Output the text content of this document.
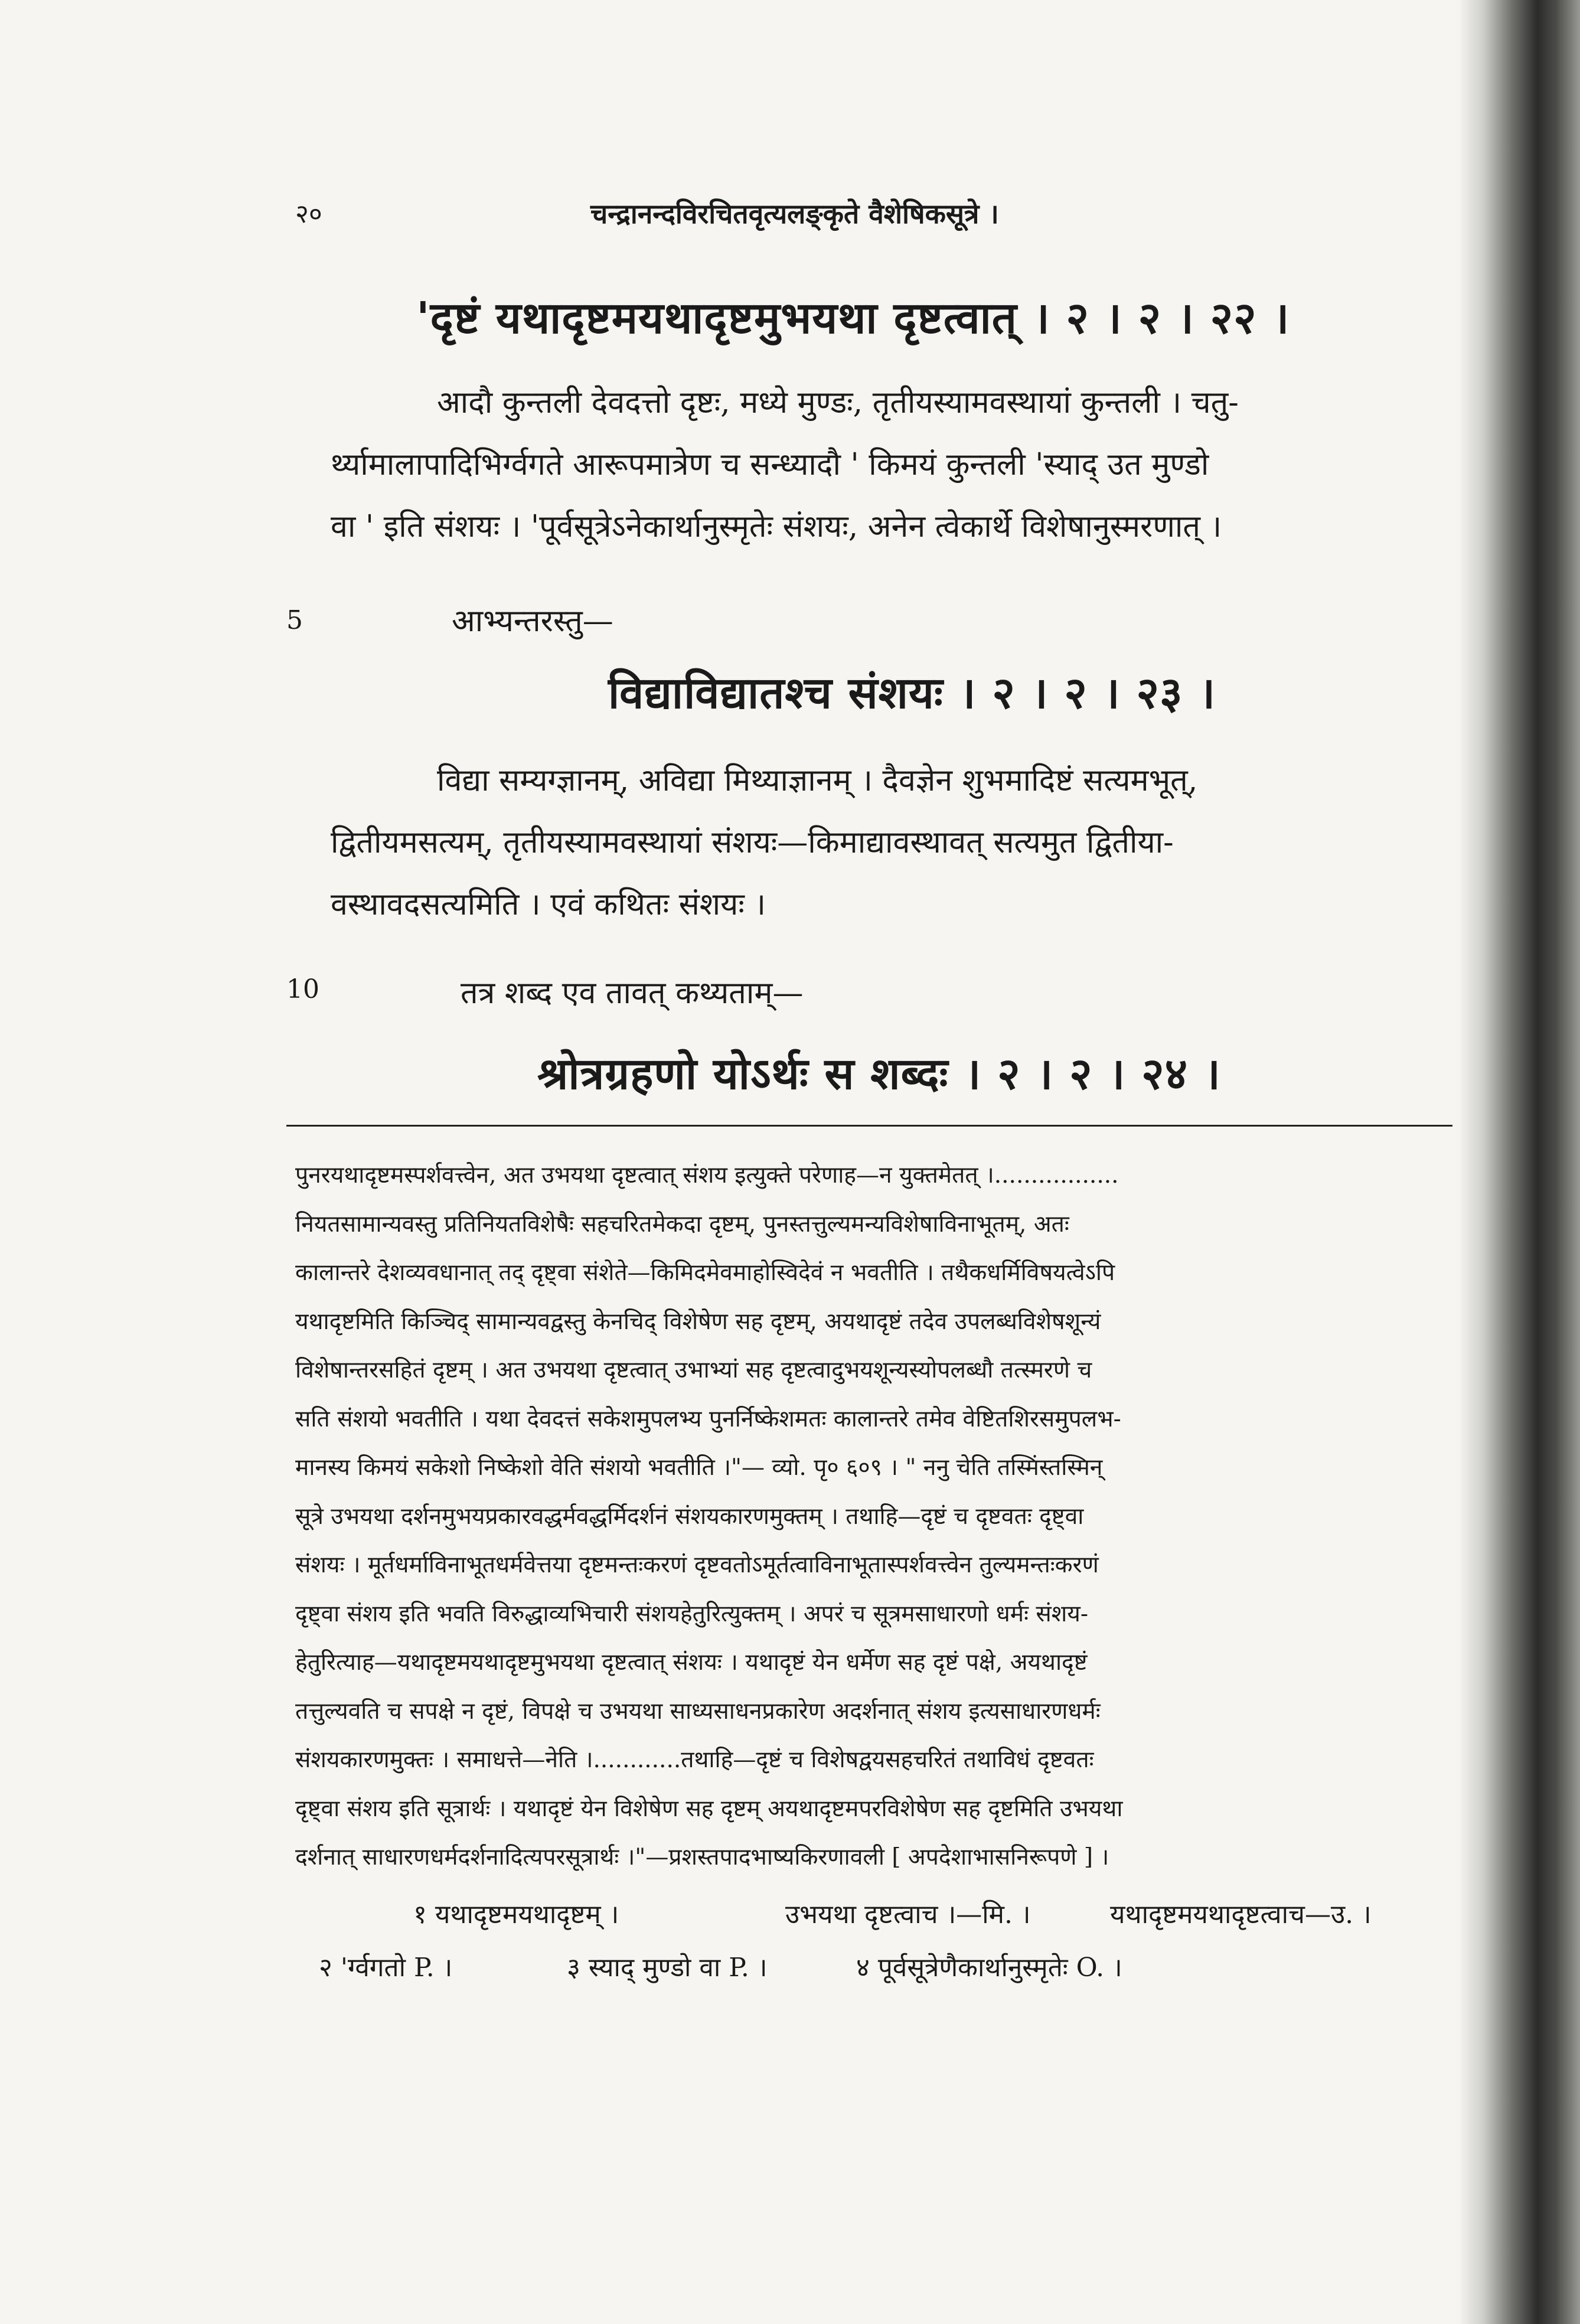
२०	चन्द्रानन्दविरचितवृत्यलङ्कृते वैशेषिकसूत्रे ।
'दृष्टं यथादृष्टमयथादृष्टमुभयथा दृष्टत्वात् । २ । २ । २२ ।
आदौ कुन्तली देवदत्तो दृष्टः, मध्ये मुण्डः, तृतीयस्यामवस्थायां कुन्तली । चतु-
र्थ्यामालापादिभिर्ग्वगते आरूपमात्रेण च सन्ध्यादौ ' किमयं कुन्तली 'स्याद् उत मुण्डो
वा ' इति संशयः । 'पूर्वसूत्रेऽनेकार्थानुस्मृतेः संशयः, अनेन त्वेकार्थे विशेषानुस्मरणात् ।
5	आभ्यन्तरस्तु—
विद्याविद्यातश्च संशयः । २ । २ । २३ ।
विद्या सम्यग्ज्ञानम्, अविद्या मिथ्याज्ञानम् । दैवज्ञेन शुभमादिष्टं सत्यमभूत्,
द्वितीयमसत्यम्, तृतीयस्यामवस्थायां संशयः—किमाद्यावस्थावत् सत्यमुत द्वितीया-
वस्थावदसत्यमिति । एवं कथितः संशयः ।
10	तत्र शब्द एव तावत् कथ्यताम्—
श्रोत्रग्रहणो योऽर्थः स शब्दः । २ । २ । २४ ।
पुनरयथादृष्टमस्पर्शवत्त्वेन, अत उभयथा दृष्टत्वात् संशय इत्युक्ते परेणाह—न युक्तमेतत् ।.................
नियतसामान्यवस्तु प्रतिनियतविशेषैः सहचरितमेकदा दृष्टम्, पुनस्तत्तुल्यमन्यविशेषाविनाभूतम्, अतः
कालान्तरे देशव्यवधानात् तद् दृष्ट्वा संशेते—किमिदमेवमाहोस्विदेवं न भवतीति । तथैकधर्मिविषयत्वेऽपि
यथादृष्टमिति किञ्चिद् सामान्यवद्वस्तु केनचिद् विशेषेण सह दृष्टम्, अयथादृष्टं तदेव उपलब्धविशेषशून्यं
विशेषान्तरसहितं दृष्टम् । अत उभयथा दृष्टत्वात् उभाभ्यां सह दृष्टत्वादुभयशून्यस्योपलब्धौ तत्स्मरणे च
सति संशयो भवतीति । यथा देवदत्तं सकेशमुपलभ्य पुनर्निष्केशमतः कालान्तरे तमेव वेष्टितशिरसमुपलभ-
मानस्य किमयं सकेशो निष्केशो वेति संशयो भवतीति ।"— व्यो. पृ० ६०९ । " ननु चेति तस्मिंस्तस्मिन्
सूत्रे उभयथा दर्शनमुभयप्रकारवद्धर्मवद्धर्मिदर्शनं संशयकारणमुक्तम् । तथाहि—दृष्टं च दृष्टवतः दृष्ट्वा
संशयः । मूर्तधर्माविनाभूतधर्मवेत्तया दृष्टमन्तःकरणं दृष्टवतोऽमूर्तत्वाविनाभूतास्पर्शवत्त्वेन तुल्यमन्तःकरणं
दृष्ट्वा संशय इति भवति विरुद्धाव्यभिचारी संशयहेतुरित्युक्तम् । अपरं च सूत्रमसाधारणो धर्मः संशय-
हेतुरित्याह—यथादृष्टमयथादृष्टमुभयथा दृष्टत्वात् संशयः । यथादृष्टं येन धर्मेण सह दृष्टं पक्षे, अयथादृष्टं
तत्तुल्यवति च सपक्षे न दृष्टं, विपक्षे च उभयथा साध्यसाधनप्रकारेण अदर्शनात् संशय इत्यसाधारणधर्मः
संशयकारणमुक्तः । समाधत्ते—नेति ।............तथाहि—दृष्टं च विशेषद्वयसहचरितं तथाविधं दृष्टवतः
दृष्ट्वा संशय इति सूत्रार्थः । यथादृष्टं येन विशेषेण सह दृष्टम् अयथादृष्टमपरविशेषेण सह दृष्टमिति उभयथा
दर्शनात् साधारणधर्मदर्शनादित्यपरसूत्रार्थः ।"—प्रशस्तपादभाष्यकिरणावली [ अपदेशाभासनिरूपणे ] ।
१ यथादृष्टमयथादृष्टम् ।	उभयथा दृष्टत्वाच ।—मि. ।	यथादृष्टमयथादृष्टत्वाच—उ. ।
२ 'र्ग्वगतो P. ।	३ स्याद् मुण्डो वा P. ।	४ पूर्वसूत्रेणैकार्थानुस्मृतेः O. ।
